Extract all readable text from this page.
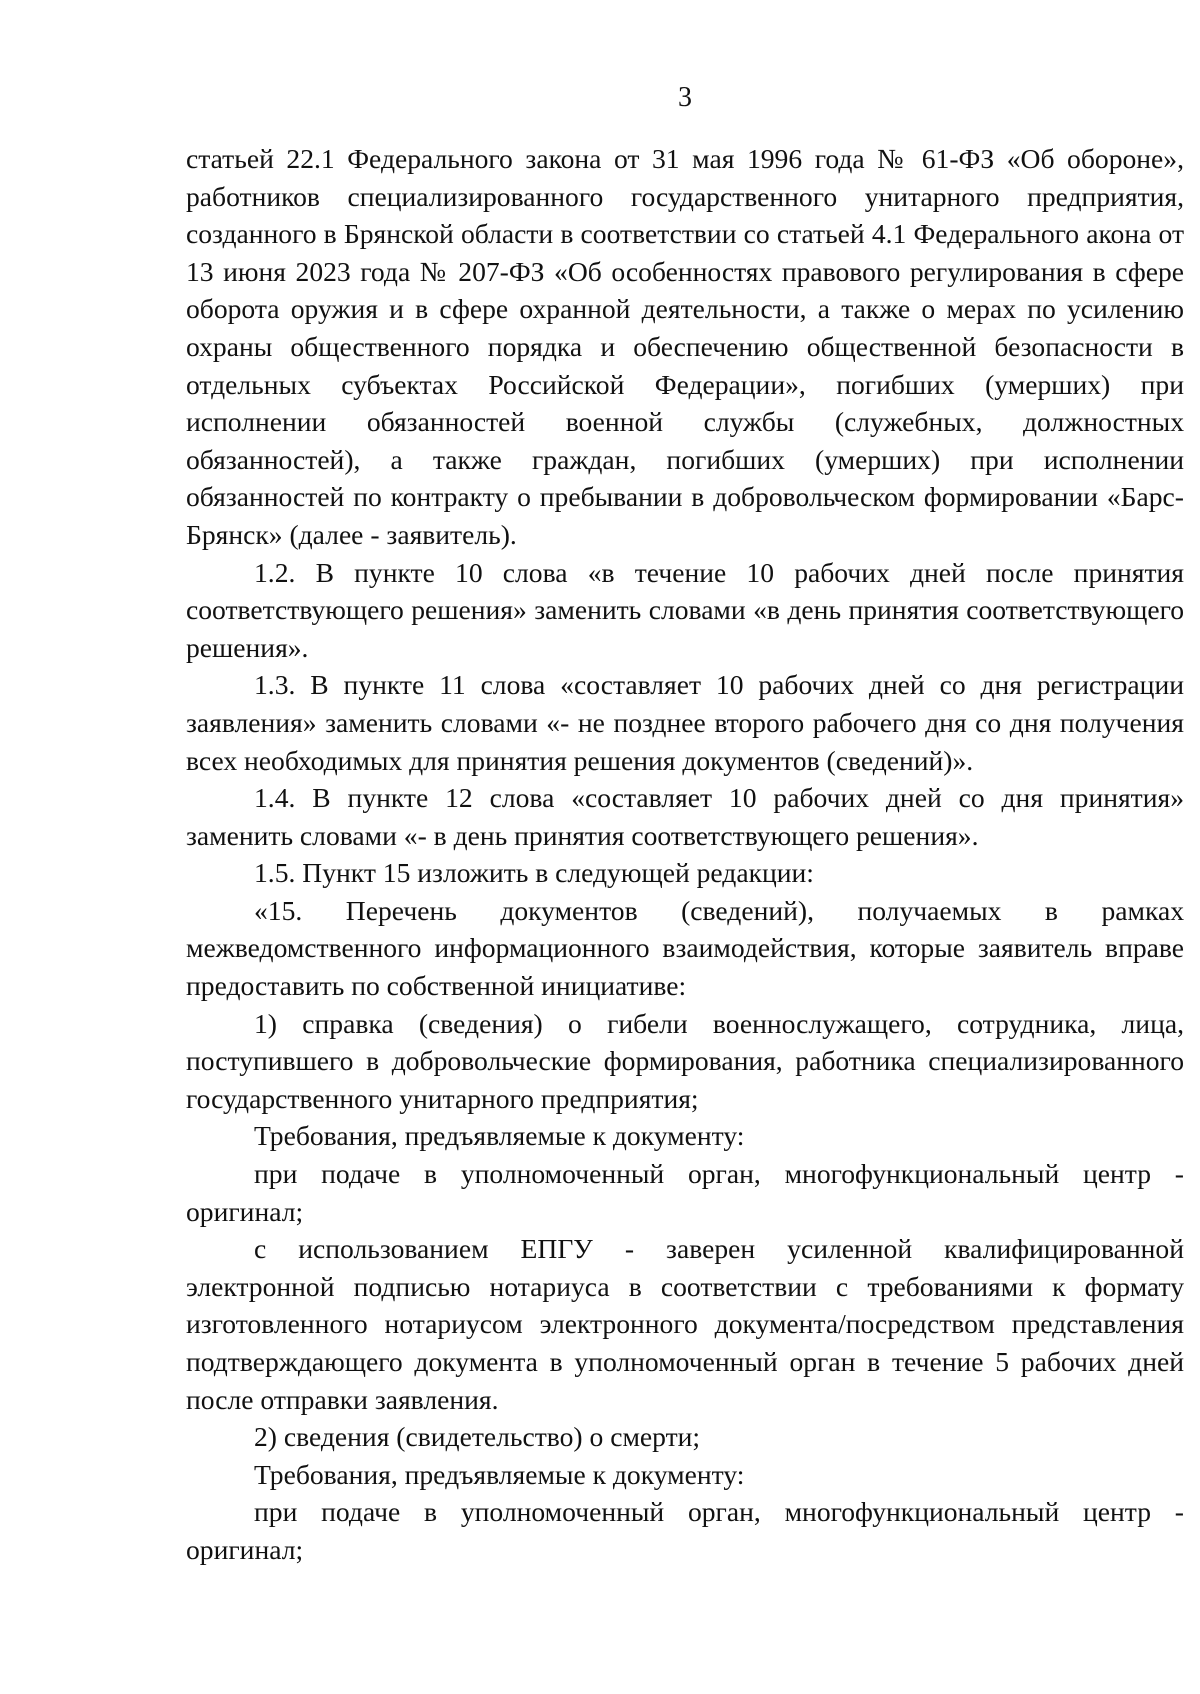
3

статьей 22.1 Федерального закона от 31 мая 1996 года № 61-ФЗ «Об обороне», работников специализированного государственного унитарного предприятия, созданного в Брянской области в соответствии со статьей 4.1 Федерального акона от 13 июня 2023 года № 207-ФЗ «Об особенностях правового регулирования в сфере оборота оружия и в сфере охранной деятельности, а также о мерах по усилению охраны общественного порядка и обеспечению общественной безопасности в отдельных субъектах Российской Федерации», погибших (умерших) при исполнении обязанностей военной службы (служебных, должностных обязанностей), а также граждан, погибших (умерших) при исполнении обязанностей по контракту о пребывании в добровольческом формировании «Барс-Брянск» (далее - заявитель).

1.2. В пункте 10 слова «в течение 10 рабочих дней после принятия соответствующего решения» заменить словами «в день принятия соответствующего решения».

1.3. В пункте 11 слова «составляет 10 рабочих дней со дня регистрации заявления» заменить словами «- не позднее второго рабочего дня со дня получения всех необходимых для принятия решения документов (сведений)».

1.4. В пункте 12 слова «составляет 10 рабочих дней со дня принятия» заменить словами «- в день принятия соответствующего решения».

1.5. Пункт 15 изложить в следующей редакции:

«15. Перечень документов (сведений), получаемых в рамках межведомственного информационного взаимодействия, которые заявитель вправе предоставить по собственной инициативе:

1) справка (сведения) о гибели военнослужащего, сотрудника, лица, поступившего в добровольческие формирования, работника специализированного государственного унитарного предприятия;

Требования, предъявляемые к документу:

при подаче в уполномоченный орган, многофункциональный центр - оригинал;

с использованием ЕПГУ - заверен усиленной квалифицированной электронной подписью нотариуса в соответствии с требованиями к формату изготовленного нотариусом электронного документа/посредством представления подтверждающего документа в уполномоченный орган в течение 5 рабочих дней после отправки заявления.

2) сведения (свидетельство) о смерти;

Требования, предъявляемые к документу:

при подаче в уполномоченный орган, многофункциональный центр - оригинал;
